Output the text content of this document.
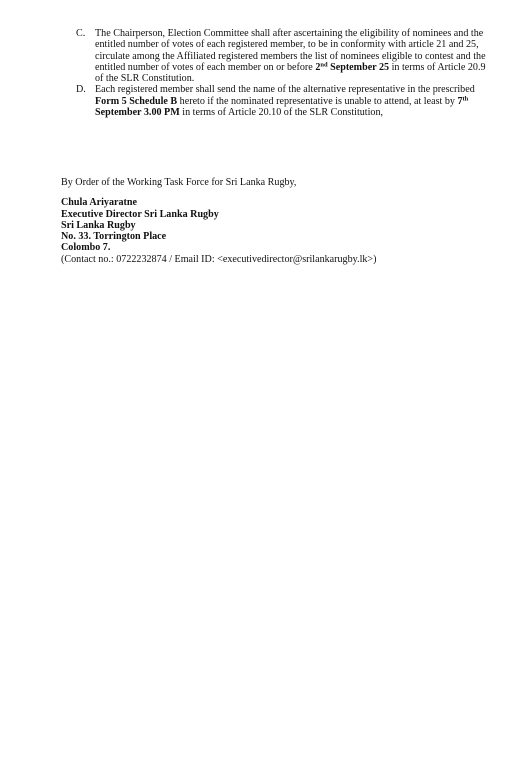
C. The Chairperson, Election Committee shall after ascertaining the eligibility of nominees and the entitled number of votes of each registered member, to be in conformity with article 21 and 25, circulate among the Affiliated registered members the list of nominees eligible to contest and the entitled number of votes of each member on or before 2nd September 25 in terms of Article 20.9 of the SLR Constitution.
D. Each registered member shall send the name of the alternative representative in the prescribed Form 5 Schedule B hereto if the nominated representative is unable to attend, at least by 7th September 3.00 PM in terms of Article 20.10 of the SLR Constitution,

By Order of the Working Task Force for Sri Lanka Rugby,

Chula Ariyaratne

Executive Director Sri Lanka Rugby

Sri Lanka Rugby

No. 33. Torrington Place

Colombo 7.

(Contact no.: 0722232874 / Email ID: <executivedirector@srilankarugby.lk>)
